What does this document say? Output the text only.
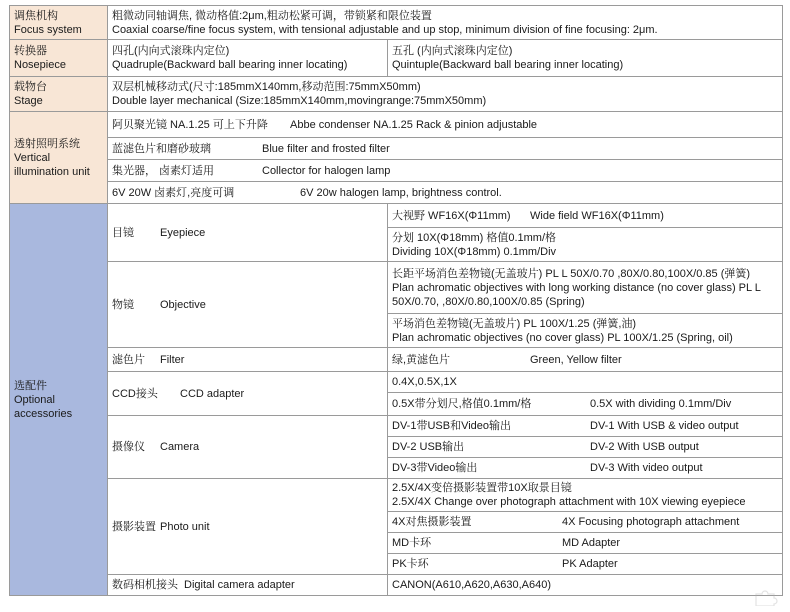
调焦机构
Focus system	粗微动同轴调焦, 微动格值:2μm,粗动松紧可调，带锁紧和限位装置
Coaxial coarse/fine focus system, with tensional adjustable and up stop, minimum division of fine focusing: 2μm.	

转换器
Nosepiece	四孔(内向式滚珠内定位)
Quadruple(Backward ball bearing inner locating)	五孔 (内向式滚珠内定位)
Quintuple(Backward ball bearing inner locating)

载物台
Stage	双层机械移动式(尺寸:185mmX140mm,移动范围:75mmX50mm)
Double layer mechanical (Size:185mmX140mm,movingrange:75mmX50mm)	

透射照明系统
Vertical
illumination unit	阿贝聚光镜 NA.1.25 可上下升降 Abbe condenser NA.1.25 Rack & pinion adjustable	
	蓝滤色片和磨砂玻璃 Blue filter and frosted filter	
	集光器， 卤素灯适用 Collector for halogen lamp	
	6V 20W 卤素灯,亮度可调 6V 20w halogen lamp, brightness control.	

选配件
Optional
accessories	目镜 Eyepiece	大视野 WF16X(Φ11mm) Wide field WF16X(Φ11mm)

		分划 10X(Φ18mm) 格值0.1mm/格
Dividing 10X(Φ18mm) 0.1mm/Div

	物镜 Objective	长距平场消色差物镜(无盖玻片) PL L 50X/0.70 ,80X/0.80,100X/0.85 (弹簧)
Plan achromatic objectives with long working distance (no cover glass) PL L
50X/0.70, ,80X/0.80,100X/0.85 (Spring)

		平场消色差物镜(无盖玻片) PL 100X/1.25 (弹簧,油)
Plan achromatic objectives (no cover glass) PL 100X/1.25 (Spring, oil)

	滤色片 Filter	绿,黄滤色片 Green, Yellow filter
	CCD接头 CCD adapter	0.4X,0.5X,1X
		0.5X带分划尺,格值0.1mm/格 0.5X with dividing 0.1mm/Div
	摄像仪 Camera	DV-1带USB和Video输出 DV-1 With USB & video output
		DV-2 USB输出 DV-2 With USB output
		DV-3带Video输出 DV-3 With video output
	摄影装置 Photo unit	2.5X/4X变倍摄影装置带10X取景目镜
2.5X/4X Change over photograph attachment with 10X viewing eyepiece

		4X对焦摄影装置 4X Focusing photograph attachment
		MD卡环 MD Adapter
		PK卡环 PK Adapter
	数码相机接头 Digital camera adapter	CANON(A610,A620,A630,A640)
